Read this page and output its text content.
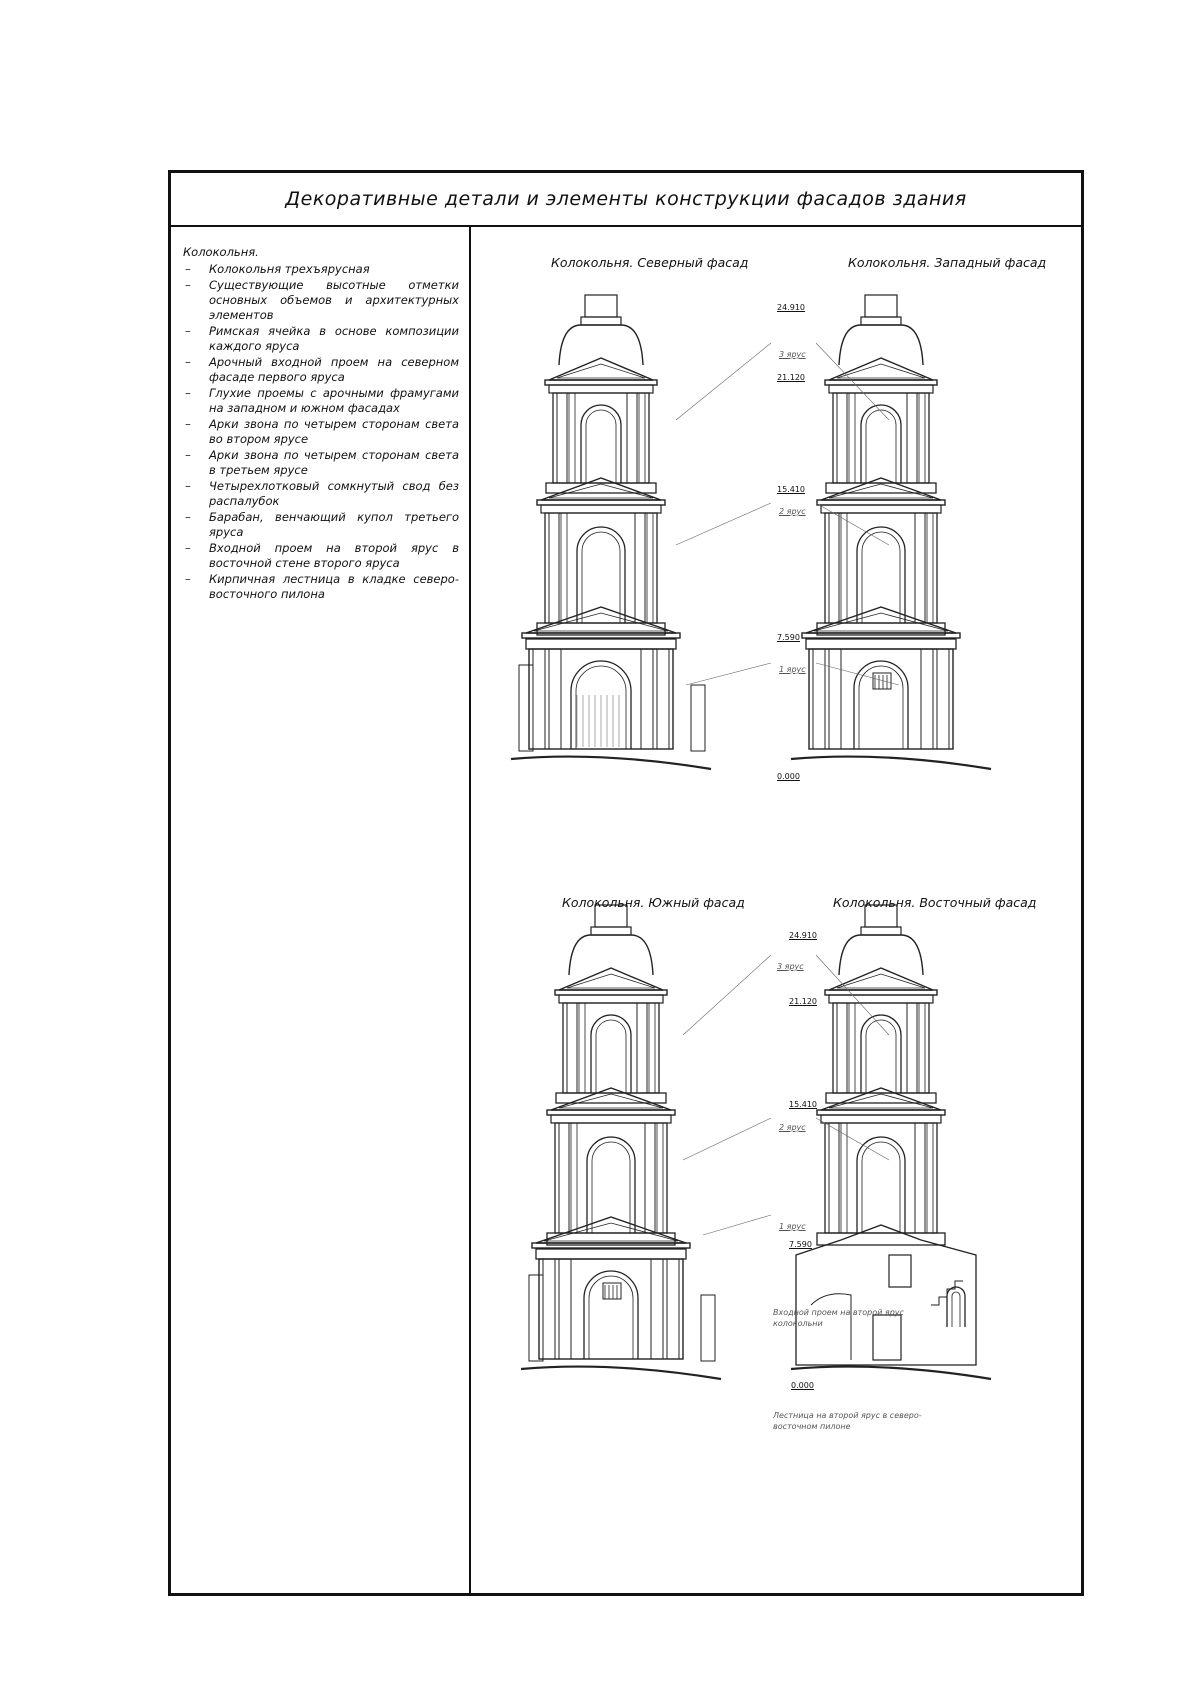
Декоративные детали и элементы конструкции фасадов здания
Колокольня.
– Колокольня трехъярусная
– Существующие высотные отметки основных объемов и архитектурных элементов
– Римская ячейка в основе композиции каждого яруса
– Арочный входной проем на северном фасаде первого яруса
– Глухие проемы с арочными фрамугами на западном и южном фасадах
– Арки звона по четырем сторонам света во втором ярусе
– Арки звона по четырем сторонам света в третьем ярусе
– Четырехлотковый сомкнутый свод без распалубок
– Барабан, венчающий купол третьего яруса
– Входной проем на второй ярус в восточной стене второго яруса
– Кирпичная лестница в кладке северо-восточного пилона
Колокольня. Северный фасад	Колокольня. Западный фасад
Колокольня. Южный фасад	Колокольня. Восточный фасад
24.910
3 ярус
21.120
15.410
2 ярус
7.590
1 ярус
0.000
24.910
3 ярус
21.120
15.410
2 ярус
1 ярус
7.590
0.000
Входной проем на второй ярус колокольни
Лестница на второй ярус в северо-восточном пилоне
